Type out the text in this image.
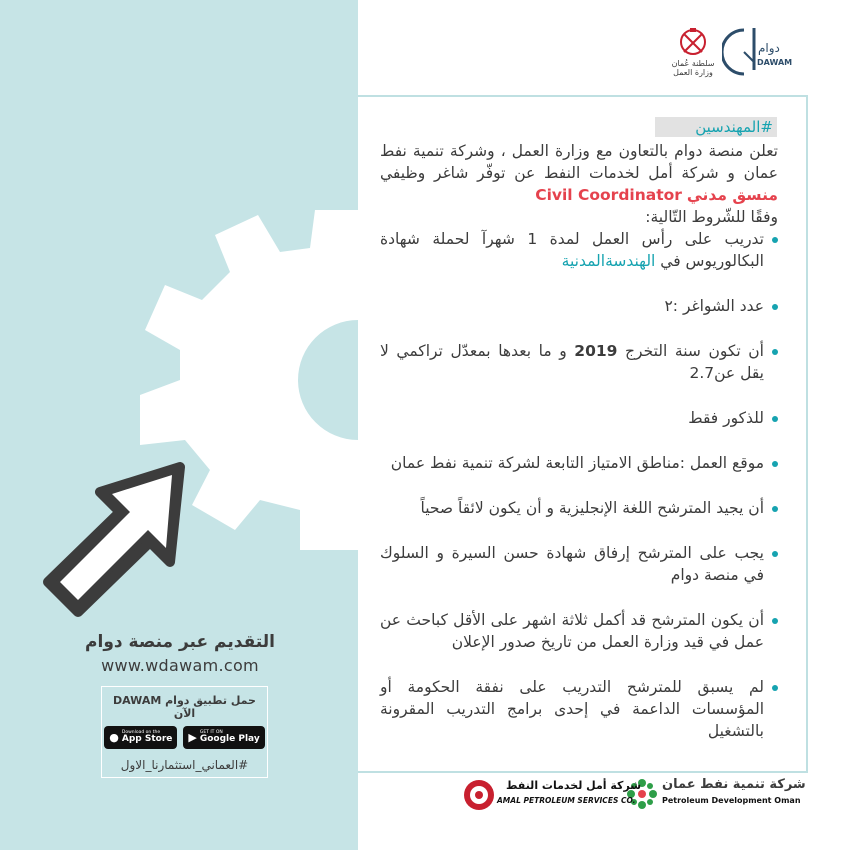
التقديم عبر منصة دوام
www.wdawam.com
حمل تطبيق دوام DAWAM الآن
● Download on the
App Store ▶ GET IT ON
Google Play
#العماني_استثمارنا_الاول
دوام
DAWAM
سلطنة عُمان وزارة العمل
#المهندسين

تعلن منصة دوام بالتعاون مع وزارة العمل ، وشركة تنمية نفط عمان و شركة أمل لخدمات النفط عن توفّر شاغر وظيفي منسق مدني Civil Coordinator

وفقًا للشّروط التّالية:

تدريب على رأس العمل لمدة 1 شهرآ لحملة شهادة البكالوريوس في الهندسةالمدنية
عدد الشواغر :٢
أن تكون سنة التخرج 2019 و ما بعدها بمعدّل تراكمي لا يقل عن2.7
للذكور فقط
موقع العمل :مناطق الامتياز التابعة لشركة تنمية نفط عمان
أن يجيد المترشح اللغة الإنجليزية و أن يكون لائقاً صحياً
يجب على المترشح إرفاق شهادة حسن السيرة و السلوك في منصة دوام
أن يكون المترشح قد أكمل ثلاثة اشهر على الأقل كباحث عن عمل في قيد وزارة العمل من تاريخ صدور الإعلان
لم يسبق للمترشح التدريب على نفقة الحكومة أو المؤسسات الداعمة في إحدى برامج التدريب المقرونة بالتشغيل
شركة تنمية نفط عمان
Petroleum Development Oman
شركة أمل لخدمات النفط
AMAL PETROLEUM SERVICES CO.
